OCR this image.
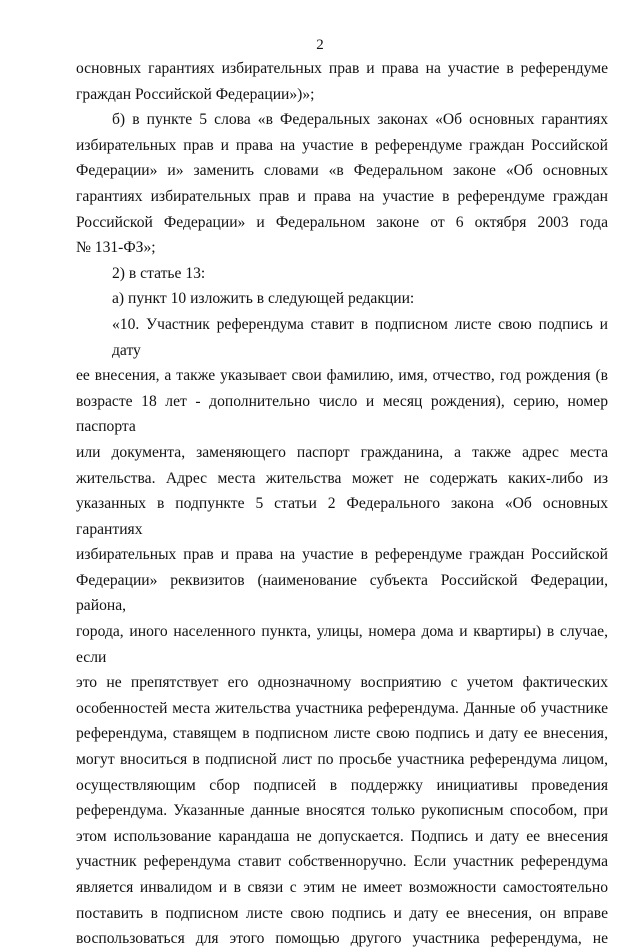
2
основных гарантиях избирательных прав и права на участие в референдуме
граждан Российской Федерации»)»;
б) в пункте 5 слова «в Федеральных законах «Об основных гарантиях
избирательных прав и права на участие в референдуме граждан Российской
Федерации» и» заменить словами «в Федеральном законе «Об основных
гарантиях избирательных прав и права на участие в референдуме граждан
Российской Федерации» и Федеральном законе от 6 октября 2003 года
№ 131-ФЗ»;
2) в статье 13:
а) пункт 10 изложить в следующей редакции:
«10. Участник референдума ставит в подписном листе свою подпись и дату
ее внесения, а также указывает свои фамилию, имя, отчество, год рождения (в
возрасте 18 лет - дополнительно число и месяц рождения), серию, номер паспорта
или документа, заменяющего паспорт гражданина, а также адрес места
жительства. Адрес места жительства может не содержать каких-либо из
указанных в подпункте 5 статьи 2 Федерального закона «Об основных гарантиях
избирательных прав и права на участие в референдуме граждан Российской
Федерации» реквизитов (наименование субъекта Российской Федерации, района,
города, иного населенного пункта, улицы, номера дома и квартиры) в случае, если
это не препятствует его однозначному восприятию с учетом фактических
особенностей места жительства участника референдума. Данные об участнике
референдума, ставящем в подписном листе свою подпись и дату ее внесения,
могут вноситься в подписной лист по просьбе участника референдума лицом,
осуществляющим сбор подписей в поддержку инициативы проведения
референдума. Указанные данные вносятся только рукописным способом, при
этом использование карандаша не допускается. Подпись и дату ее внесения
участник референдума ставит собственноручно. Если участник референдума
является инвалидом и в связи с этим не имеет возможности самостоятельно
поставить в подписном листе свою подпись и дату ее внесения, он вправе
воспользоваться для этого помощью другого участника референдума, не
